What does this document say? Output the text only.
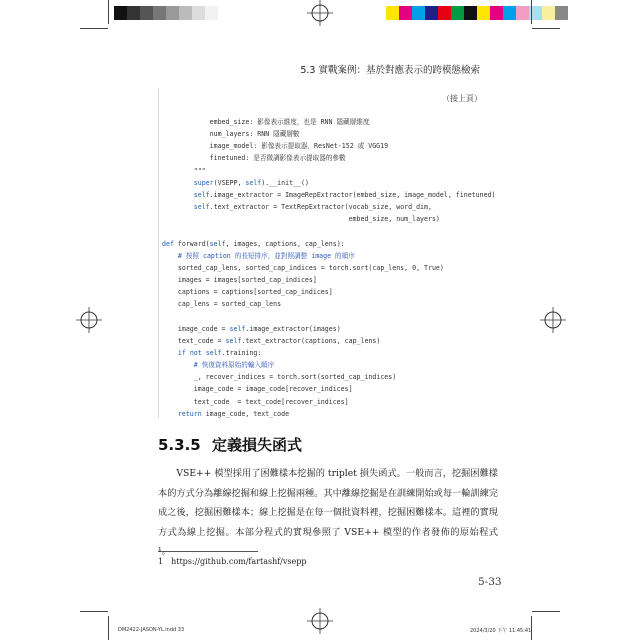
5.3 實戰案例：基於對應表示的跨模態檢索
（接上頁）
embed_size: 影像表示維度，也是 RNN 隱藏層維度
num_layers: RNN 隱藏層數
image_model: 影像表示提取器，ResNet-152 或 VGG19
finetuned: 是否微調影像表示提取器的參數
"""
super(VSEPP, self).__init__()
self.image_extractor = ImageRepExtractor(embed_size, image_model, finetuned)
self.text_extractor = TextRepExtractor(vocab_size, word_dim,
embed_size, num_layers)

def forward(self, images, captions, cap_lens):
# 按照 caption 的長短排序，並對照調整 image 的順序
sorted_cap_lens, sorted_cap_indices = torch.sort(cap_lens, 0, True)
images = images[sorted_cap_indices]
captions = captions[sorted_cap_indices]
cap_lens = sorted_cap_lens

image_code = self.image_extractor(images)
text_code = self.text_extractor(captions, cap_lens)
if not self.training:
# 恢復資料原始的輸入順序
_, recover_indices = torch.sort(sorted_cap_indices)
image_code = image_code[recover_indices]
text_code  = text_code[recover_indices]
return image_code, text_code
5.3.5 定義損失函式

VSE++ 模型採用了困難樣本挖掘的 triplet 損失函式。一般而言，挖掘困難樣本的方式分為離線挖掘和線上挖掘兩種。其中離線挖掘是在訓練開始或每一輪訓練完成之後，挖掘困難樣本；線上挖掘是在每一個批資料裡，挖掘困難樣本。這裡的實現方式為線上挖掘。本部分程式的實現參照了 VSE++ 模型的作者發佈的原始程式 ¹。

1　https://github.com/fartashf/vsepp
5-33
DM2422-JASON-YL.indd 33	2024/3/20 下午 11:45:41
